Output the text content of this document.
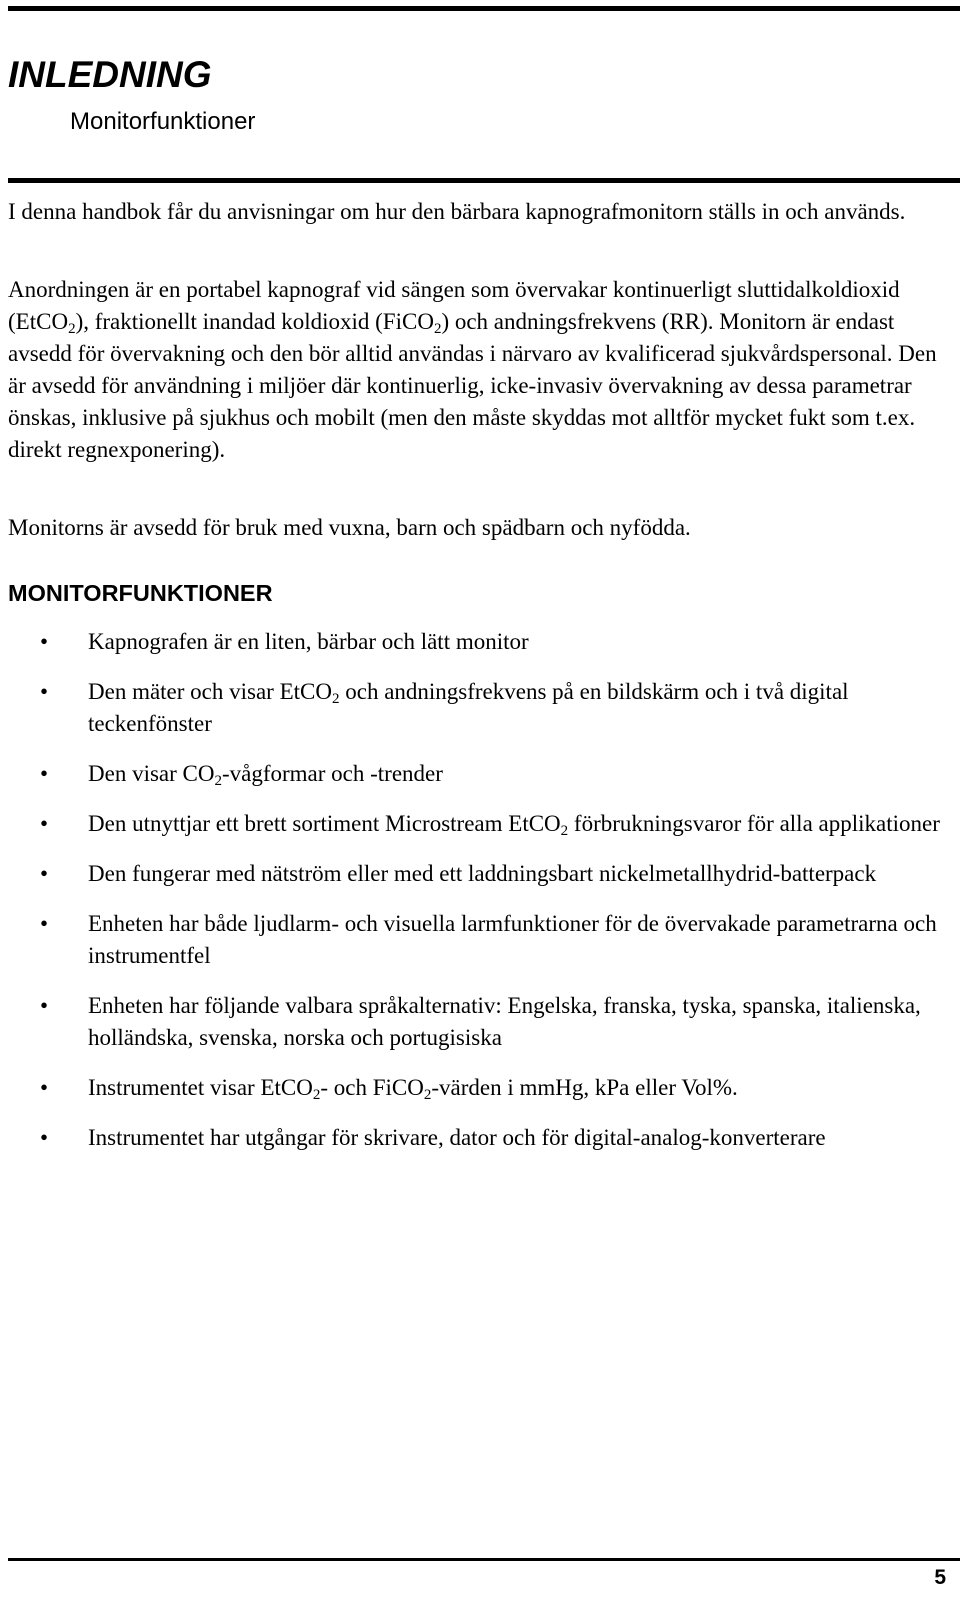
INLEDNING
Monitorfunktioner
I denna handbok får du anvisningar om hur den bärbara kapnografmonitorn ställs in och används.
Anordningen är en portabel kapnograf vid sängen som övervakar kontinuerligt sluttidalkoldioxid (EtCO$_2$), fraktionellt inandad koldioxid (FiCO$_2$) och andningsfrekvens (RR). Monitorn är endast avsedd för övervakning och den bör alltid användas i närvaro av kvalificerad sjukvårdspersonal. Den är avsedd för användning i miljöer där kontinuerlig, icke-invasiv övervakning av dessa parametrar önskas, inklusive på sjukhus och mobilt (men den måste skyddas mot alltför mycket fukt som t.ex. direkt regnexponering).
Monitorns är avsedd för bruk med vuxna, barn och spädbarn och nyfödda.
MONITORFUNKTIONER
• Kapnografen är en liten, bärbar och lätt monitor
• Den mäter och visar EtCO$_2$ och andningsfrekvens på en bildskärm och i två digital teckenfönster
• Den visar $CO_2$-vågformar och -trender
• Den utnyttjar ett brett sortiment Microstream EtCO$_2$ förbrukningsvaror för alla applikationer
• Den fungerar med nätström eller med ett laddningsbart nickelmetallhydrid-batterpack
• Enheten har både ljudlarm- och visuella larmfunktioner för de övervakade parametrarna och instrumentfel
• Enheten har följande valbara språkalternativ: Engelska, franska, tyska, spanska, italienska, holländska, svenska, norska och portugisiska
• Instrumentet visar EtCO$_2$- och FiCO$_2$-värden i mmHg, kPa eller Vol%.
• Instrumentet har utgångar för skrivare, dator och för digital-analog-konverterare
5
